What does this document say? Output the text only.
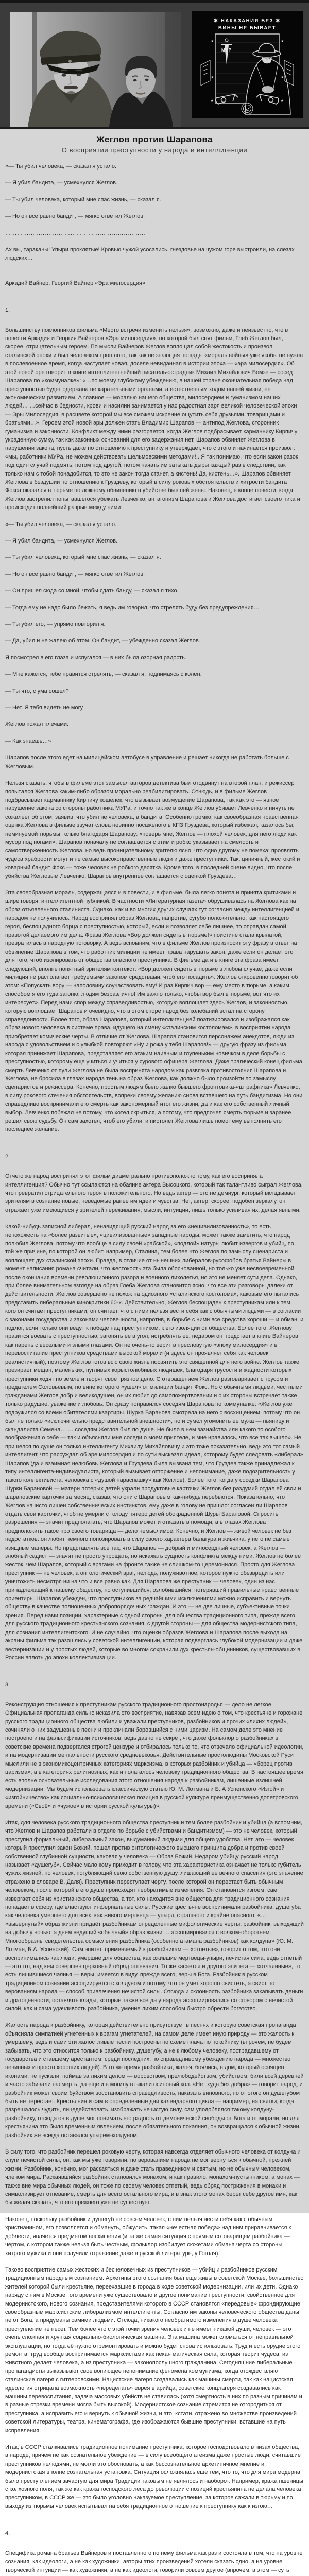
✱ НАКАЗАНИЯ БЕЗ ✱
ВИНЫ НЕ БЫВАЕТ
МУР
★
★
★
★
★
★
Жеглов против Шарапова
О восприятии преступности у народа и интеллигенции

«— Ты убил человека, — сказал я устало.

— Я убил бандита, — усмехнулся Жеглов.

— Ты убил человека, который мне спас жизнь, — сказал я.

— Но он все равно бандит, — мягко ответил Жеглов.

………………………………………………………………

Ах вы, тараканы! Упыри проклятые! Кровью чужой усосались, гнездовье на чужом горе выстроили, на слезах людских…

Аркадий Вайнер, Георгий Вайнер «Эра милосердия»

1.

Большинству поклонников фильма «Место встречи изменить нельзя», возможно, даже и неизвестно, что в повести Аркадия и Георгия Вайнеров «Эра милосердия», по которой был снят фильм, Глеб Жеглов был, скорее, отрицательным героем. По мысли Вайнеров Жеглов воплощал собой жестокость и произвол сталинской эпохи и был человеком прошлого, так как не знающая пощады «мораль войны» уже якобы не нужна в послевоенное время, когда наступает новая, доселе невиданная в истории эпоха — «эра милосердия». Об этой новой эре говорит в книге интеллигентнейший писатель-эстрадник Михаил Михайлович Бомзе — сосед Шарапова по «коммуналке»: «…по моему глубокому убеждению, в нашей стране окончательная победа над преступностью будет одержана не карательными органами, а естественным ходом нашей жизни, ее экономическим развитием. А главное — моралью нашего общества, милосердием и гуманизмом наших людей… …сейчас в бедности, крови и насилии занимается у нас радостная заря великой человеческой эпохи — Эры Милосердия, в расцвете которой мы все сможем искренне ощутить себя друзьями, товарищами и братьями…». Героем этой новой эры должен стать Владимир Шарапов — антипод Жеглова, сторонник гуманизма и законности. Конфликт между ними разгорается, когда Жеглов подбрасывает карманнику Кирпичу украденную сумку, так как законных оснований для его задержания нет. Шарапов обвиняет Жеглова в нарушении закона, пусть даже по отношению к преступнику и утверждает, что с этого и начинается произвол: «мы, работники МУРа, не можем действовать шельмовскими методами!.. Я так понимаю, что если закон разок под один случай подмять, потом под другой, потом начать им затыкать дыры каждый раз в следствии, как только нам с тобой понадобится, то это не закон тогда станет, а кистень! Да, кистень…». Шарапов обвиняет Жеглова в бездушии по отношению к Груздеву, который в силу роковых обстоятельств и хитрости бандита Фокса оказался в тюрьме по ложному обвинению в убийстве бывшей жены. Наконец, в конце повести, когда Жеглов застрелил попытавшегося убежать Левченко, антагонизм Шарапова и Жеглова достигает своего пика и происходит полнейший разрыв между ними:

«— Ты убил человека, — сказал я устало.

— Я убил бандита, — усмехнулся Жеглов.

— Ты убил человека, который мне спас жизнь, — сказал я.

— Но он все равно бандит, — мягко ответил Жеглов.

— Он пришел сюда со мной, чтобы сдать банду, — сказал я тихо.

— Тогда ему не надо было бежать, я ведь им говорил, что стрелять буду без предупреждения…

— Ты убил его, — упрямо повторил я.

— Да, убил и не жалею об этом. Он бандит, — убежденно сказал Жеглов.

Я посмотрел в его глаза и испугался — в них была озорная радость.

— Мне кажется, тебе нравится стрелять, — сказал я, поднимаясь с колен.

— Ты что, с ума сошел?

— Нет. Я тебя видеть не могу.

Жеглов пожал плечами:

— Как знаешь…»

Шарапов после этого едет на милицейском автобусе в управление и решает никогда не работать больше с Жегловым.

Нельзя сказать, чтобы в фильме этот замысел авторов детектива был отодвинут на второй план, и режиссер попытался Жеглова каким-либо образом морально реабилитировать. Отнюдь, и в фильме Жеглов подбрасывает карманнику Кирпичу кошелек, что вызывает возмущение Шарапова, так как это — явное нарушение закона со стороны работника МУРа, и точно так же в конце Жеглов убивает Левченко и ничуть не сожалеет об этом, заявив, что убил не человека, а бандита. Особенно громко, как своеобразная нравственная оценка Жеглова в фильме звучат слова невинно посаженого в КПЗ Груздева, который избежал, казалось бы, неминуемой тюрьмы только благодаря Шарапову: «поверь мне, Жеглов — плохой человек, для него люди как мусор под ногами». Шарапов поначалу не соглашается с этим и робко указывает на смелость и самоотверженность Жеглова, но ведь проницательному зрителю ясно, что одно другому не помеха: проявлять чудеса храбрости могут и не самые высоконравственные люди и даже преступники. Так, циничный, жестокий и коварный бандит Фокс — тоже человек не робкого десятка. Кроме того, в последней сцене видно, что после убийства Жегловым Левченко, Шарапов внутреннее соглашается с оценкой Груздева…

Эта своеобразная мораль, содержащаяся и в повести, и в фильме, была легко понята и принята критиками и шире говоря, интеллигентной публикой. В частности «Литературная газета» обрушивалась на Жеглова как на образ отъявленного сталиниста. Однако, как и во многих других случаях тут согласия между интеллигенцией и народом не получилось. Народ воспринял образ Жеглова, напротив, сугубо положительно, как настоящего героя, беспощадного борца с преступностью, который, если и позволяет себе лишнее, то оправдан самой правотой делаемого им дела. Фраза Жеглова «Вор должен сидеть в тюрьме!» поистине стала крылатой, превратилась в народную поговорку. А ведь вспомним, что в фильме Жеглов произносит эту фразу в ответ на обвинение Шарапова в том, что работник милиции не имеет права нарушать закон, даже если он делает это для того, чтоб изолировать от общества опасного преступника. В фильме да и в книге эта фраза имеет следующий, вполне понятный зрителям контекст: «Вор должен сидеть в тюрьме в любом случае, даже если милиция не располагает требуемыми законом средствами, чтоб его посадить». Жеглов откровенно говорит об этом: «Попускать вору — наполовину соучаствовать ему! И раз Кирпич вор — ему место в тюрьме, а каким способом я его туда загоню, людям безразлично! Им важно только, чтобы вор был в тюрьме, вот что их интересует». Перед нами спор между справедливостью, которую воплощает здесь Жеглов, и законностью, которую воплощает Шарапов и очевидно, что в этом споре народ без колебаний встал на сторону справедливости. Более того, образ Шарапова, который интеллигенцией поэтизировался и изображался как образ нового человека в системе права, идущего на смену «сталинским костоломам», в восприятии народа приобретает комические черты. В отличие от Жеглова, Шарапов становится персонажем анекдотов, люди из народа с удовольствием и с улыбкой повторяют «Ну и рожа у тебя Шарапов!» — другую фразу из фильма, которая принижает Шарапова, представляет его этаким наивным и глупеньким новичком в деле борьбы с преступностью, которому еще учиться и учиться у сурового офицера Жеглова. Даже трагический конец фильма, смерть Левченко от пули Жеглова не была воспринята народом как развязка противостояния Шарапова и Жеглова, не бросила в глазах народа тень на образ Жеглова, как должно было произойти по замыслу сценаристов и режиссера. Конечно, простым людям было жалко бывшего фронтовика-«штрафника» Левченко, в силу рокового стечения обстоятельств, вопреки своему желанию снова вставшего на путь бандитизма. Но они справедливо воспринимали его смерть как закономерный итог его жизни, да и как его собственный личный выбор. Левченко побежал не потому, что хотел скрыться, а потому, что предпочел смерть тюрьме и заранее решил свою судьбу. Он сам захотел, чтоб его убили, и пистолет Жеглова лишь помог ему выполнить его последнее желание.

2.

Отчего же народ воспринял этот фильм диаметрально противоположно тому, как его восприняла интеллигенция? Обычно тут ссылаются на обаяние актера Высоцкого, который так талантливо сыграл Жеглова, что превратил отрицательного героя в положительного. Но ведь актер — это не демиург, который вкладывает зрителям в сознание новые, неведомые ранее им идеи и чувства. Нет, актер, скорее, подобен зеркалу, он отражает уже имеющиеся у зрителей переживания, мысли, интуиции, лишь только усиливая их, делая явными.

Какой-нибудь записной либерал, ненавидящий русский народ за его «нецивилизованность», то есть непохожесть на «более развитые», «цивилизованные» западные народы, может также заметить, что народ полюбил Жеглова, потому что вообще в силу своей «рабской», «подлой» натуры любит извергов и убийц, по той же причине, по которой он любит, например, Сталина, тем более что Жеглов по замыслу сценариста и воплощает дух сталинской эпохи. Правда, в отличие от нынешних либералов-русофобов братья Вайнеры в момент написания романа считали, что жестокость эта была обоснованной, но только уже несвоевременной после окончания времени революционного разора и военного лихолетья, но это не меняет сути дела. Однако, при более внимательном взгляде на образ Глеба Жеглова становится ясно, что все эти разговоры далеки от действительности. Жеглов совершено не похож на одиозного «сталинского костолома», каковым его пытались представить либеральные кинокритики 60-х. Действительно, Жеглов беспощаден к преступникам или к тем, кого он считает преступниками; он считает, что с ними нельзя вести себя как с обычными людьми — в согласии с законами государства и законами человечности, напротив, в борьбе с ними все средства хороши — и обман, и подлог, если только они ведут к победе над преступником, к его изоляции от общества. Более того, Жеглову нравится воевать с преступностью, загонять ее в угол, истреблять ее, недаром он предстает в книге Вайнеров как парень с веселыми и злыми глазами. Он не очень-то верит в пресловутую «эпоху милосердия» и в перевоспитание преступников средствами высокой морали (и здесь он проявляет себя как человек реалистичный), поэтому Жеглов готов всю свою жизнь посвятить это священной для него войне. Жеглов также презирает мещан, маленьких, пугливых корыстолюбивых людишек, благодаря трусости и жадности которых преступники ходят по земле и творят свое грязное дело. С отвращением Жеглов разговаривает с трусом и предателем Соловьевым, по вине которого «ушел» от милиции бандит Фокс. Но с обычными людьми, честными гражданами Жеглов добр и великодушен, он их любит до самопожертвовании и с их стороны встречает также только радушие, уважение и любовь. Он сразу понравился соседям Шарапова по коммуналке: «Жеглов уже подружился со всеми обитателями квартиры. Шурка Баранова смотрела на него с восхищением, потому что он был не только «исключительно представительной внешности», но и сумел угомонить ее мужа — пьяницу и скандалиста Семена… … соседям Жеглов был по душе. Не было в нем зазнайства или какого то особого воображения о себе — так и объясняли мне соседи о моем приятеле, и мне нравилось, что все так вышло». Не пришелся по душе он только интеллигенту Михаилу Михайловичу и это тоже показательно, ведь это тот самый интеллигент, что рассуждал об эре милосердия и по сути высказал идеал, которому будет следовать «либерал» Шарапов (да и взаимная нелюбовь Жеглова и Груздева была вызвана тем, что Груздев также принадлежал к типу интеллигента-индивидуалиста, который вызывает отторжение и непонимание, даже подозрительность у такого коллективиста, человека с «душой нараспашку» как Жеглов). Более того, когда у соседки Шарапова Шурки Барановой — матери пятерых детей украли продуктовые карточки Жеглов без раздумий отдал ей свои и шараповские карточки за месяц, сказав, что они с Шараповым как-нибудь перебьются. Показательно, что Жеглов начисто лишен собственнических инстинктов, ему даже в голову не пришло: согласен ли Шарапов отдать свои карточки, чтоб не умерли с голоду пятеро детей обокраденной Шуры Барановой. Спросить разрешения — значит предполагать, что Шарапов может и отказать в помощи, а в глазах Жеглова предположить такое про своего товарища — дело немыслимое. Конечно, и Жеглов — живой человек не без недостатков: он любит немного попозировать в силу своего характера балагура и живчика, у него не самые изящные манеры. Но представлять все так, что Шарапов — добрый и милосердный человек, а Жеглов — злобный садист — значит не просто упрощать, но искажать сущность конфликта между ними. Жеглов не более жесток, чем Шарапов, который с врагами на фронте также не слишком-то церемонился. Просто для Жеглова преступник — не человек, а онтологический враг, нелюдь, полуживотное, которое нужно обезвредить или уничтожить несмотря ни на что и все равно как. Для Шарапова же преступник — человек, один из нас, принадлежащий к нашему обществу, но оступившийся, озлобившийся, потерявший правильные нравственные ориентиры. Шарапов убежден, что преступников за редчайшими исключениями можно исправить и вернуть обществу в качестве полноценных добропорядочных граждан. И это — не две личные, субъективные точки зрения. Перед нами позиции, характерные с одной стороны для общества традиционного типа, прежде всего, для русского традиционного крестьянского сознания, с другой стороны — для общества модернистского типа, для сознания интеллигентского. И не случайно, что оценки образов Жеглова и Шарапова после выхода на экраны фильма так разошлись у советской интеллигенции, которая подверглась глубокой модернизации и даже вестернизации и у простых людей, которые во многом сохранили дух крестьян-общинников, существовавших в России вплоть до эпохи коллективизации.

3.

Реконструкция отношения к преступникам русского традиционного простонародья — дело не легкое. Официальная пропаганда сильно исказила это восприятие, навязав всем идею о том, что крестьяне и горожане русского традиционного общества любили и уважали преступников, разбойников и прочих «лихих людей», сочиняли о них задушевные песни и проклинали боровшийся с ними царизм. На самом деле это мнение построено и на фальсификации источников, ведь давно не секрет, что даже фольклор о разбойниках в советские времена подвергался строгой цензуре и отбиралось только то, что отвечало официальной идеологии, и на модернизации ментальности русского средневековья. Действительные простолюдины Московской Руси мыслили не в экономикоцентричных категориях марксизма, в которых разбойник и убийца — «борец против царизма», а в категориях религиозных, как и полагалось человеку традиционного общества. В настоящее время есть вполне основательные исследования этого отношения народа к разбойникам, лишенные излишней модернизации. Мы будем использовать классическую статью Ю. М. Лотмана и Б. А Успенского «Изгой» и «изгойничество» как социально-психологическая позиция в русской культуре преимущественно допетровского времени («Своё» и «чужое» в истории русской культуры)».

Итак, для человека русского традиционного общества преступник и тем более разбойник и убийца (а вспомним, что Жеглов и Шарапов работали в отделе по борьбе с убийствами и бандитизмом) — это не человек, который преступил формальный, либеральный закон, выдуманный людьми для общего удобства. Нет, это — человек который преступил закон Божий, пошел против онтологического высшего принципа добра и против своей собственной глубинной сущности, каковая у человека — Образ Божий. Недаром убийцу русский народ называет «душегуб». Сейчас мало кому приходит в голову, что эта характеристика означает не только губитель чужих жизней, но человек, погубляющий свою собственную душу, лишающий ее вечного спасения (это значение отражено в словаре В. Даля). Преступник переступает черту, после которой он перестает быть обычным человеком, после которой в его душе происходят необратимые изменения. Он становится изгоем, сам извергает себя из христианского общества, а тот, кто находится вне общества для традиционного сознания попадает в сферу, где властвуют инфернальные силы. Русские крестьяне воспринимали разбойника, душегуба как человека умершего для всех, как живого мертвеца — упыря, страшного и крайне опасного: «… «вывернутый» образ жизни придаёт разбойникам определенные мифологические черты: разбойник, выходящий на добычу ночью, а днем ведущий «обычный» образ жизни … ассоциировался с волком-оборотнем. Многообразны свидетельства осмысления разбойника (особенно атамана разбойников) как колдуна» (Ю. М. Лотман, Б.А. Успенский). Сам эпитет, применяемый к разбойникам — «отпетые», говорит о том, что они воспринимались как люди, умершие для общества, как ожившие мертвецы-упыри, нечистая сила, ведь отпетый — это тот, над кем совершен церковный обряд отпевания. То же касается и другого эпитета — «отчаянные», то есть лишившиеся чаянья — веры, имеется в виду, прежде всего, веры в Бога. Разбойник в русском традиционном сознании ассоциируется с колдуном и потому, что он умет хорошо свистеть, а свист по верованиям народа — способ привлечения нечистой силы. Отсюда и склонность разбойника закапывать деньги и драгоценности, оставлять клады, которые также всегда у народа ассоциировались со сговором с нечистой силой, как и сама удачливость разбойника, умение лихим способом быстро обрести богатство.

Жалость народа к разбойнику, которая действительно присутствует в песнях и которую советская пропаганда объясняла симпатией угнетенных к врагам угнетателей, на самом деле имеет иную природу — это жалость к умершему, ведь и сами эти жалостливые песни построены по схеме плача по покойнику (впрочем, не будем забывать, что это относится только к разбойнику, душегубу, а не к любому человеку, пострадавшему от государства и ставшему арестантом, среди последних, по справедливому убеждению народа — множество невинных и просто хороших людей). В то же время разбойника, жалея, боялись, в дом, который освящен иконами, не пускали, поймав за лихим делом — воровством, прелюбодейством, убийством, били всей деревней и часто забивали насмерть, да еще и в могилу втыкали осиновый кол. «Нет худа без добра» — говорит народ, и разбойник может своим буйством восстановить справедливость, наказать виновного, но от этого он душегубом быть не перестает. Крестьянин и сам в определенные дни календарного цикла — например, на святки, когда разрешалось чудить, лицедействовать, изображать нечистую силу, сам уподоблялся такому колдуну-разбойнику, отсюда он в душе мог понимать его радость от демонической свободы от Бога и от морали, но для крестьянина это было временным явлением, после обязательного покаяния, он возвращался к обычной жизни, разбойник же всегда оставался упырем-колдуном.

В силу того, что разбойник перешел роковую черту, которая навсегда отделяет обычного человека от колдуна и слуги нечистой силы, он, как мы уже говорили, по верованиям народа не мог вернуться к обычной, прежней жизни. Разбойник, конечно, мог раскаяться и даже стать праведником и святым, но не обычным человеком, членом мира. Раскаявшийся разбойник становился монахом, и как правило, монахом-пустынником, а монах — также вне мира обычных людей, он тоже по своему человек отпетый, ведь обряд пострижения в монахи и символизирует отпевание, смерть для всего остального мира, и в знак этого монах берет себе другое имя, как бы желая сказать, что его прежнего уже не существует.

Наконец, поскольку разбойник и душегуб не совсем человек, с ним нельзя вести себя как с обычным христианином, его позволяется и обмануть, обжулить, такая «нечестная победа» над ним приравнивается к доблести, является предметом восхищения (и та же самая ситуация с прямым сотоварищем разбойника — чертом, с котором также нельзя быть честным, фольклор изобилует сюжетами обмана черта со стороны хитрого мужика и они получили отражение даже в русской литературе, у Гоголя).

Таково восприятие самых жестоких и бесчеловечных из преступников — убийц и разбойников русским традиционным народным сознанием. Архетипы этого сознания был еще живы в советской Москве, большинство жителей которой были крестьяне, переехавшие в города в ходе советской модернизации, или их дети. Однако наряду с ним в Москве того времени уже существовало и другое понимание преступности, свойственное для модернистского, нового сознания, представителями которого в СССР становятся «передовые» фрондирующие своеобразным марксистским либерализмом интеллигенты. Согласно им законы человеческого общества даны не от Бога, а придуманы самими людьми. Отсюда, никакого необратимого изменения в душе человека преступление не несет. Тем более что с этой точки зрения человек и не имеет никакой души, человек — это очень сложная и хрупкая социально-биологическая машина. Эта машина может сломаться от неправильной эксплуатации, но тогда её нужно отремонтировать и можно будет снова использовать. Труд и есть орудие этого ремонта; труд вообще воспринимается марксистами как некая магическая сила, которая творит чудеса: из животного делает человека, а из преступника — законопослушного гражданина. Сегодняшние либеральные пропагандисты выказывают свое вопиющее непонимание феномена коммунизма, когда отождествляют сталинские лагеря с гитлеровскими. Нацистские лагеря создавались как машины смерти, так как нацистская идеология отрицала возможность «переделать» еврея в арийца, советские концлагеря создавались как машины перевоспитания, задача массовых убийств не ставилась (хотя смертность в них по разным причинам и в разные отрезки времени могла быть высокой). Модернистское сознание стремится не отгородиться от преступника, а исправить его и вернуть к обычной жизни, и это, кстати, отражено во множестве произведений советской литературы, театра, кинематографа, где изображаются бывшие преступники, вставшие на путь исправления.

Итак, в СССР сталкивались традиционное понимание преступника, которое господствовало в низах общества, в народе, причем не как сознательное убеждение — в силу всеобщего атеизма даже простые люди, считавшие преступников нелюдями, не могли это обосновать, а как бессознательное архетипичное мнение и модернистская вполне сознательная установка. Ситуация осложнялась еще тем, что то, что для мира модерна было преступлением зачастую для мира Традиции таковым не являлось и наоборот. Например, кража пшеницы с колхозного поля, так же как кража господского леса до революции с позиций крестьянина не делала человека преступником, в СССР же — это было уголовно наказуемое преступление, за которое сажали в тюрьму и по выходу из тюрьмы человек испытывал на себя традиционное отношение к преступнику как к изгою…

4.

Специфика романа братьев Вайнеров и поставленного по нему фильма как раз и состояла в том, что на уровне сознания, как идеологи, а не как художники, авторы этих произведений хотели сказать одно, а на уровне творческой интуиции — как художники, а не как идеологи, говорили совсем другое (впрочем, в этом — суть
